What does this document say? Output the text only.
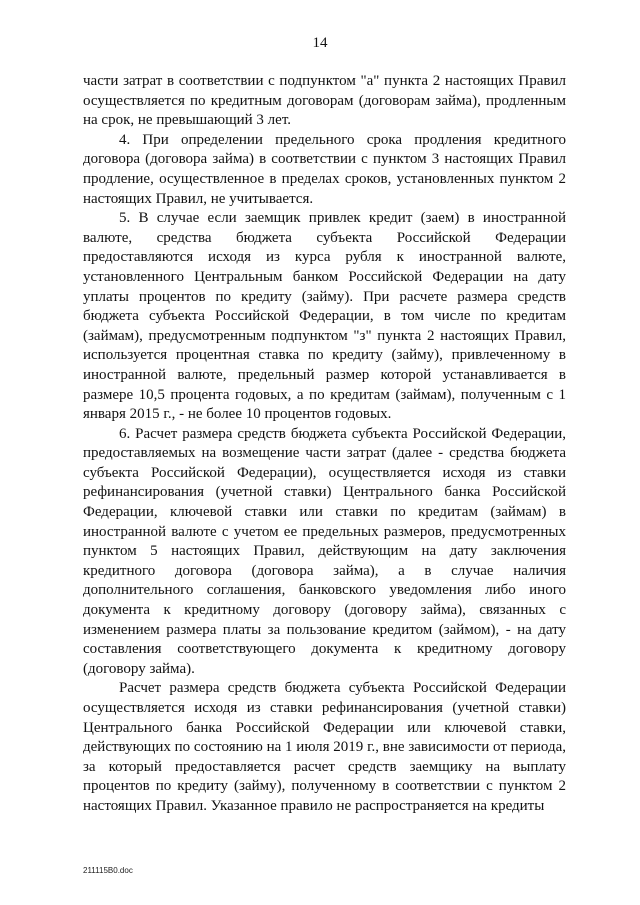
14

части затрат в соответствии с подпунктом "а" пункта 2 настоящих Правил осуществляется по кредитным договорам (договорам займа), продленным на срок, не превышающий 3 лет.

4. При определении предельного срока продления кредитного договора (договора займа) в соответствии с пунктом 3 настоящих Правил продление, осуществленное в пределах сроков, установленных пунктом 2 настоящих Правил, не учитывается.

5. В случае если заемщик привлек кредит (заем) в иностранной валюте, средства бюджета субъекта Российской Федерации предоставляются исходя из курса рубля к иностранной валюте, установленного Центральным банком Российской Федерации на дату уплаты процентов по кредиту (займу). При расчете размера средств бюджета субъекта Российской Федерации, в том числе по кредитам (займам), предусмотренным подпунктом "з" пункта 2 настоящих Правил, используется процентная ставка по кредиту (займу), привлеченному в иностранной валюте, предельный размер которой устанавливается в размере 10,5 процента годовых, а по кредитам (займам), полученным с 1 января 2015 г., - не более 10 процентов годовых.

6. Расчет размера средств бюджета субъекта Российской Федерации, предоставляемых на возмещение части затрат (далее - средства бюджета субъекта Российской Федерации), осуществляется исходя из ставки рефинансирования (учетной ставки) Центрального банка Российской Федерации, ключевой ставки или ставки по кредитам (займам) в иностранной валюте с учетом ее предельных размеров, предусмотренных пунктом 5 настоящих Правил, действующим на дату заключения кредитного договора (договора займа), а в случае наличия дополнительного соглашения, банковского уведомления либо иного документа к кредитному договору (договору займа), связанных с изменением размера платы за пользование кредитом (займом), - на дату составления соответствующего документа к кредитному договору (договору займа).

Расчет размера средств бюджета субъекта Российской Федерации осуществляется исходя из ставки рефинансирования (учетной ставки) Центрального банка Российской Федерации или ключевой ставки, действующих по состоянию на 1 июля 2019 г., вне зависимости от периода, за который предоставляется расчет средств заемщику на выплату процентов по кредиту (займу), полученному в соответствии с пунктом 2 настоящих Правил. Указанное правило не распространяется на кредиты

211115В0.doc
